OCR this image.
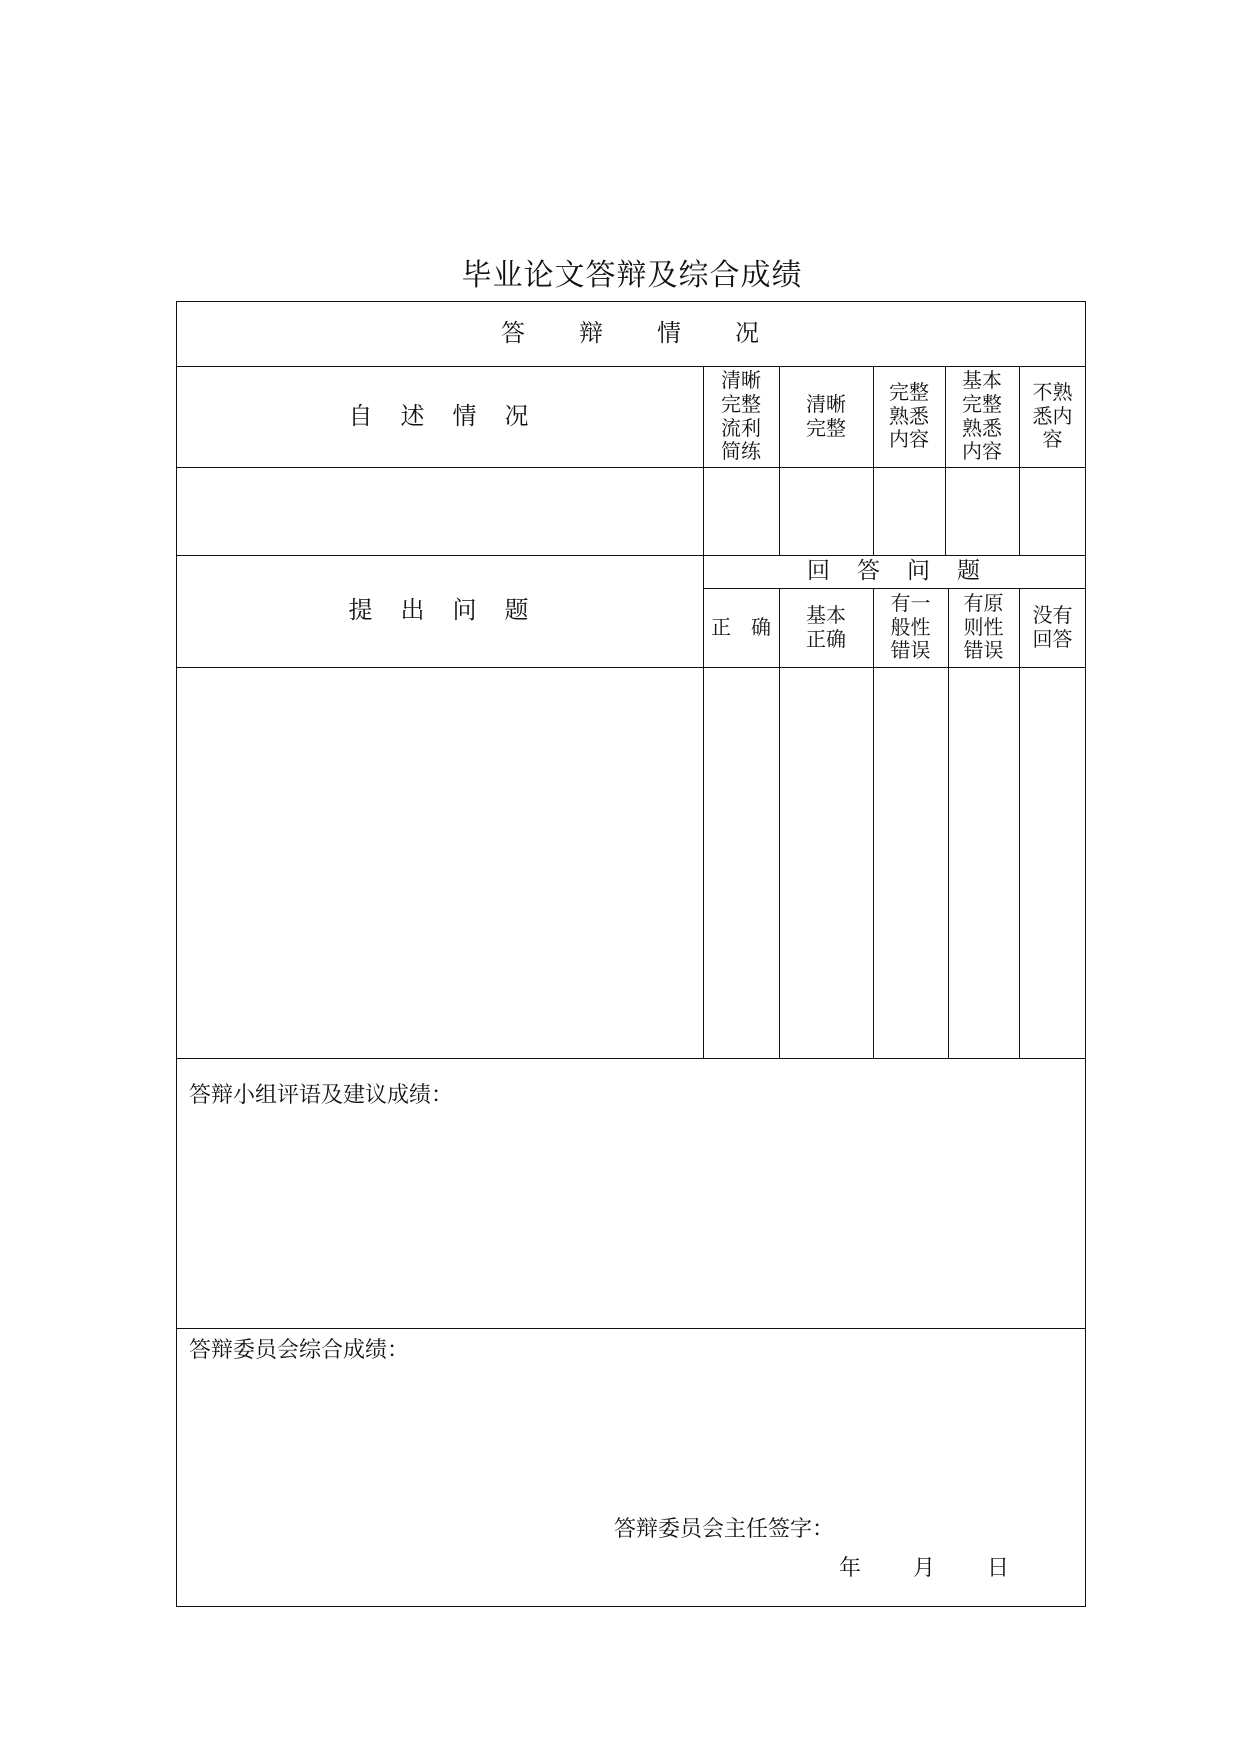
毕业论文答辩及综合成绩
答　　辩　　情　　况
自　述　情　况
清晰
完整
流利
简练
清晰
完整
完整
熟悉
内容
基本
完整
熟悉
内容
不熟
悉内
容
提　出　问　题
回　答　问　题
正　确	基本
正确
有一
般性
错误
有原
则性
错误
没有
回答
答辩小组评语及建议成绩：
答辩委员会综合成绩：
答辩委员会主任签字：
年 月 日
